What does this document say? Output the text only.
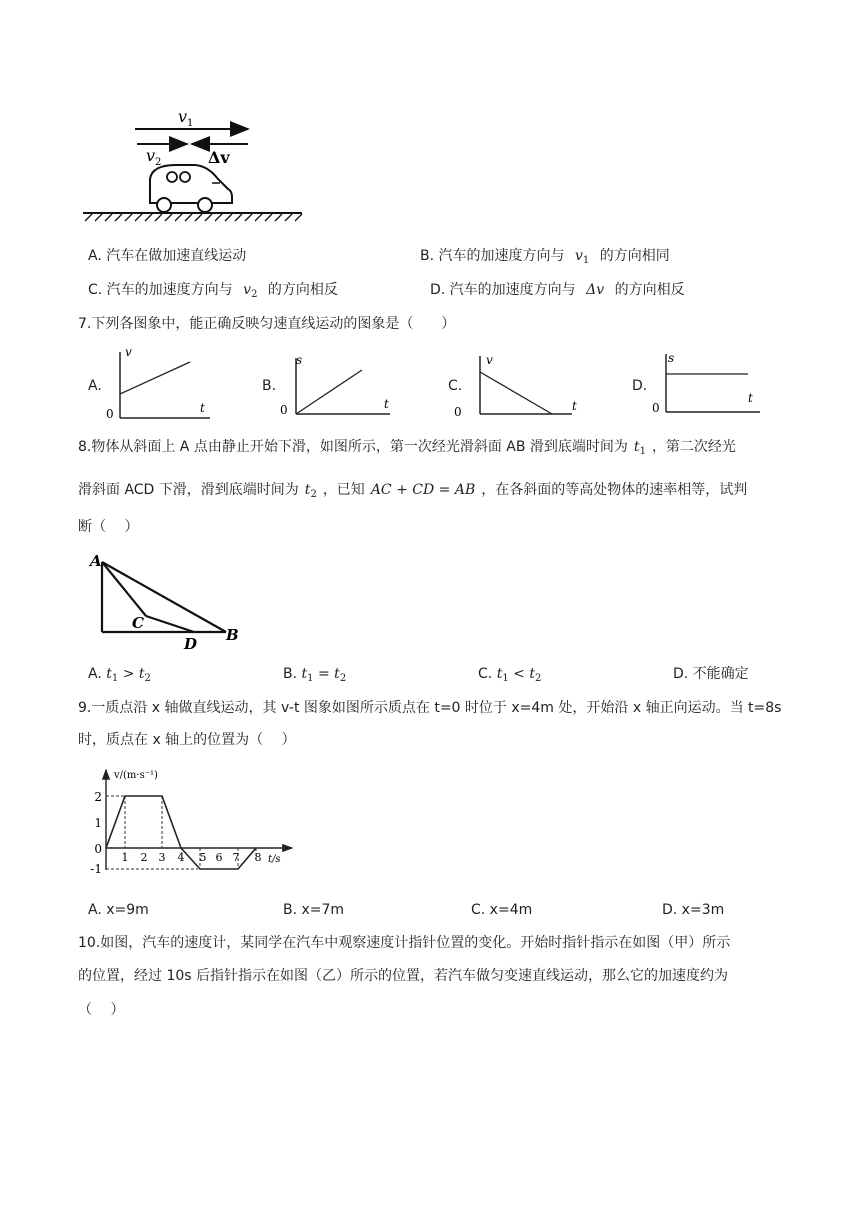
$v_1$
$v_2$	Δv
A. 汽车在做加速直线运动	B. 汽车的加速度方向与 $v_1$ 的方向相同
C. 汽车的加速度方向与 $v_2$ 的方向相反	D. 汽车的加速度方向与 Δv 的方向相反
7.下列各图象中，能正确反映匀速直线运动的图象是（　　）
A.
v
t
0
B.
s
t
0
C.
v
t
0
D.
s
t
0
8.物体从斜面上 A 点由静止开始下滑，如图所示，第一次经光滑斜面 AB 滑到底端时间为 $t_1$ ，第二次经光
滑斜面 ACD 下滑，滑到底端时间为 $t_2$ ，已知 AC + CD = AB ，在各斜面的等高处物体的速率相等，试判
断（　 ）
A
B
C
D
A. $t_1 > t_2$	B. $t_1 = t_2$	C. $t_1 < t_2$	D. 不能确定
9.一质点沿 x 轴做直线运动，其 v-t 图象如图所示质点在 t=0 时位于 x=4m 处，开始沿 x 轴正向运动。当 t=8s
时，质点在 x 轴上的位置为（　 ）
v/(m·s⁻¹)
t/s
2
1
0
-1
1 2 3 4 5 6 7 8
A. x=9m	B. x=7m	C. x=4m	D. x=3m
10.如图，汽车的速度计，某同学在汽车中观察速度计指针位置的变化。开始时指针指示在如图（甲）所示
的位置，经过 10s 后指针指示在如图（乙）所示的位置，若汽车做匀变速直线运动，那么它的加速度约为
（　 ）
